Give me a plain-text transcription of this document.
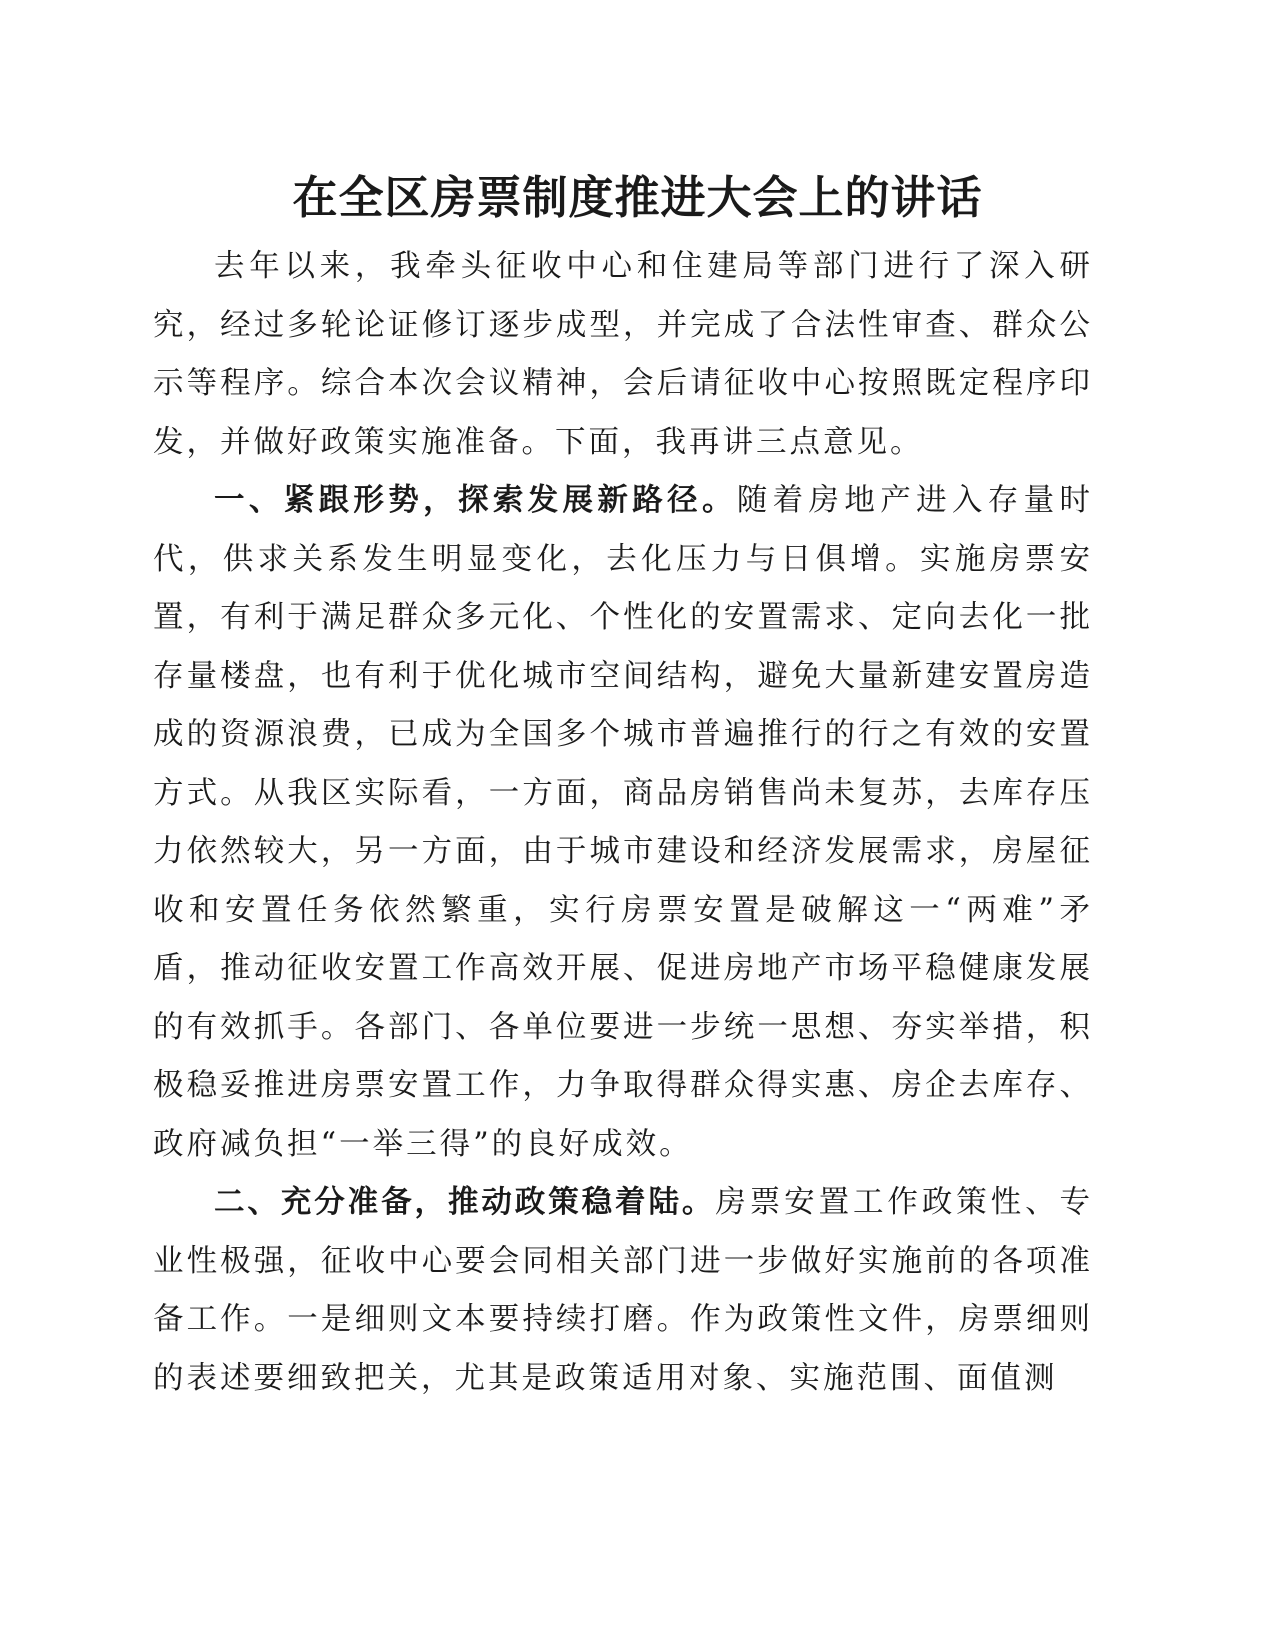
在全区房票制度推进大会上的讲话

去年以来，我牵头征收中心和住建局等部门进行了深入研究，经过多轮论证修订逐步成型，并完成了合法性审查、群众公示等程序。综合本次会议精神，会后请征收中心按照既定程序印发，并做好政策实施准备。下面，我再讲三点意见。

一、紧跟形势，探索发展新路径。随着房地产进入存量时代，供求关系发生明显变化，去化压力与日俱增。实施房票安置，有利于满足群众多元化、个性化的安置需求、定向去化一批存量楼盘，也有利于优化城市空间结构，避免大量新建安置房造成的资源浪费，已成为全国多个城市普遍推行的行之有效的安置方式。从我区实际看，一方面，商品房销售尚未复苏，去库存压力依然较大，另一方面，由于城市建设和经济发展需求，房屋征收和安置任务依然繁重，实行房票安置是破解这一“两难”矛盾，推动征收安置工作高效开展、促进房地产市场平稳健康发展的有效抓手。各部门、各单位要进一步统一思想、夯实举措，积极稳妥推进房票安置工作，力争取得群众得实惠、房企去库存、政府减负担“一举三得”的良好成效。

二、充分准备，推动政策稳着陆。房票安置工作政策性、专业性极强，征收中心要会同相关部门进一步做好实施前的各项准备工作。一是细则文本要持续打磨。作为政策性文件，房票细则的表述要细致把关，尤其是政策适用对象、实施范围、面值测
